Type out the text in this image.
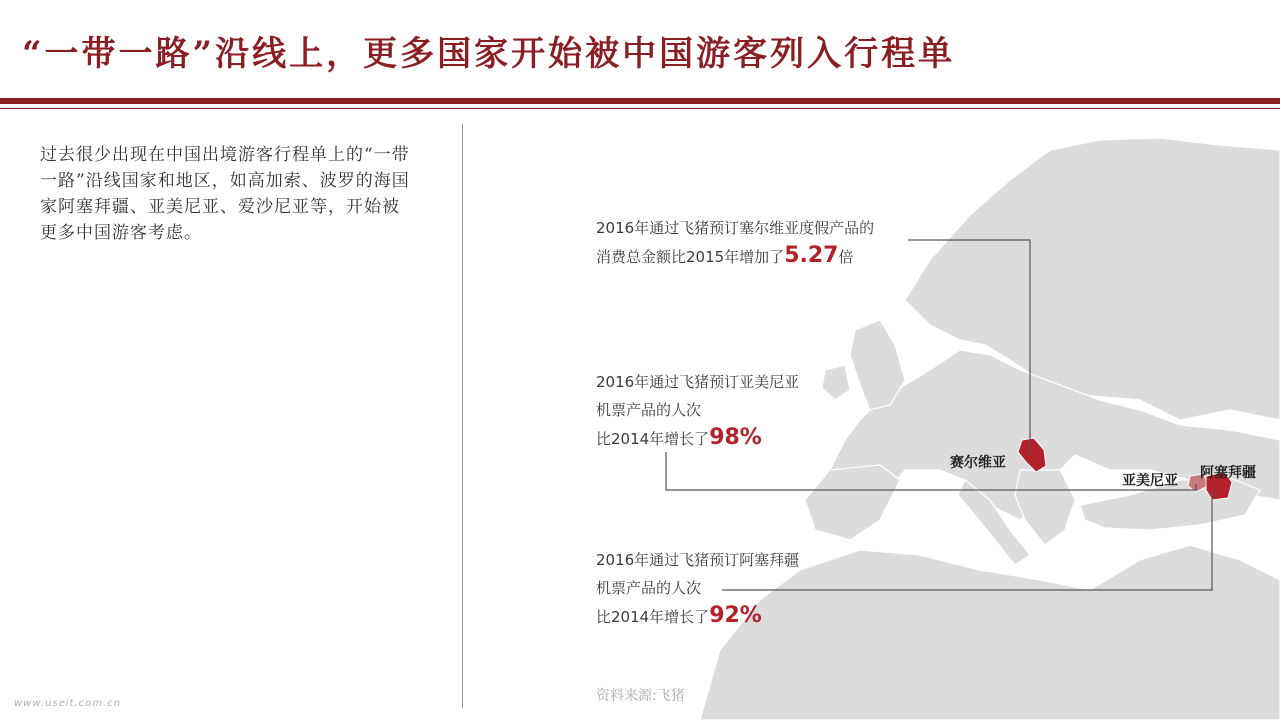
“一带一路”沿线上，更多国家开始被中国游客列入行程单

过去很少出现在中国出境游客行程单上的“一带一路”沿线国家和地区，如高加索、波罗的海国家阿塞拜疆、亚美尼亚、爱沙尼亚等，开始被更多中国游客考虑。	2016年通过飞猪预订塞尔维亚度假产品的
消费总金额比2015年增加了5.27倍
2016年通过飞猪预订亚美尼亚
机票产品的人次
比2014年增长了98%
2016年通过飞猪预订阿塞拜疆
机票产品的人次
比2014年增长了92%
赛尔维亚
亚美尼亚 阿塞拜疆
资料来源:飞猪
www.useit.com.cn
